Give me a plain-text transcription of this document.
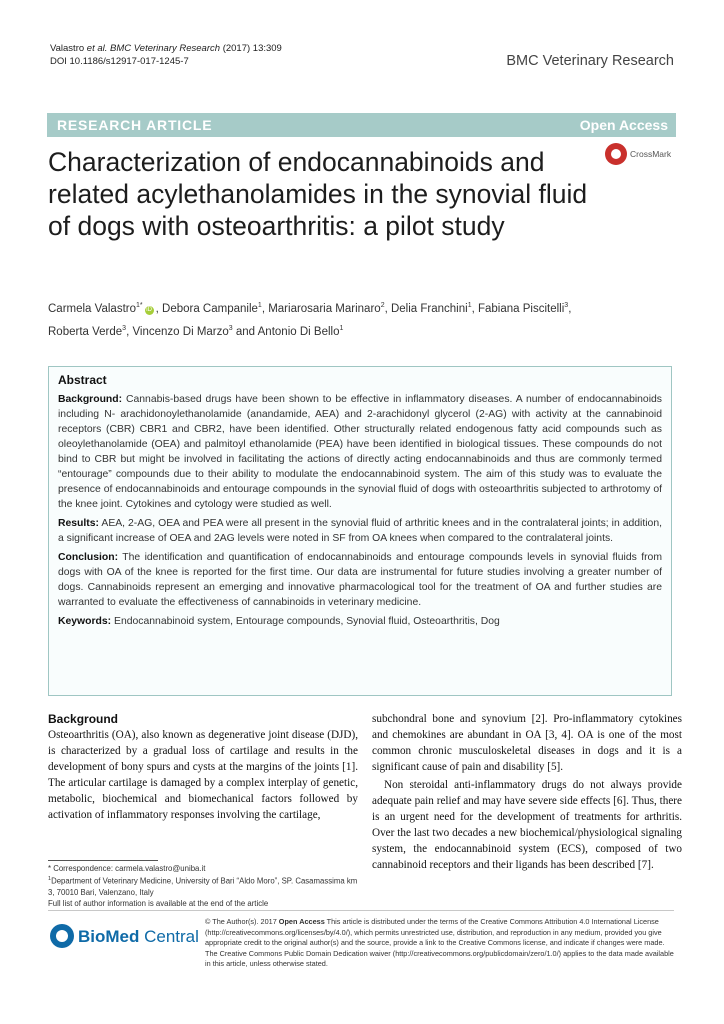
Valastro et al. BMC Veterinary Research (2017) 13:309
DOI 10.1186/s12917-017-1245-7	BMC Veterinary Research
RESEARCH ARTICLE	Open Access
Characterization of endocannabinoids and related acylethanolamides in the synovial fluid of dogs with osteoarthritis: a pilot study
CrossMark
Carmela Valastro$^{1*}$iD , Debora Campanile$^1$, Mariarosaria Marinaro$^2$, Delia Franchini$^1$, Fabiana Piscitelli$^3$,
Roberta Verde$^3$, Vincenzo Di Marzo$^3$ and Antonio Di Bello$^1$
Abstract

Background: Cannabis-based drugs have been shown to be effective in inflammatory diseases. A number of endocannabinoids including N- arachidonoylethanolamide (anandamide, AEA) and 2-arachidonyl glycerol (2-AG) with activity at the cannabinoid receptors (CBR) CBR1 and CBR2, have been identified. Other structurally related endogenous fatty acid compounds such as oleoylethanolamide (OEA) and palmitoyl ethanolamide (PEA) have been identified in biological tissues. These compounds do not bind to CBR but might be involved in facilitating the actions of directly acting endocannabinoids and thus are commonly termed “entourage” compounds due to their ability to modulate the endocannabinoid system. The aim of this study was to evaluate the presence of endocannabinoids and entourage compounds in the synovial fluid of dogs with osteoarthritis subjected to arthrotomy of the knee joint. Cytokines and cytology were studied as well.

Results: AEA, 2-AG, OEA and PEA were all present in the synovial fluid of arthritic knees and in the contralateral joints; in addition, a significant increase of OEA and 2AG levels were noted in SF from OA knees when compared to the contralateral joints.

Conclusion: The identification and quantification of endocannabinoids and entourage compounds levels in synovial fluids from dogs with OA of the knee is reported for the first time. Our data are instrumental for future studies involving a greater number of dogs. Cannabinoids represent an emerging and innovative pharmacological tool for the treatment of OA and further studies are warranted to evaluate the effectiveness of cannabinoids in veterinary medicine.

Keywords: Endocannabinoid system, Entourage compounds, Synovial fluid, Osteoarthritis, Dog

Background

Osteoarthritis (OA), also known as degenerative joint disease (DJD), is characterized by a gradual loss of cartilage and results in the development of bony spurs and cysts at the margins of the joints [1]. The articular cartilage is damaged by a complex interplay of genetic, metabolic, biochemical and biomechanical factors followed by activation of inflammatory responses involving the cartilage,

subchondral bone and synovium [2]. Pro-inflammatory cytokines and chemokines are abundant in OA [3, 4]. OA is one of the most common chronic musculoskeletal diseases in dogs and it is a significant cause of pain and disability [5].

Non steroidal anti-inflammatory drugs do not always provide adequate pain relief and may have severe side effects [6]. Thus, there is an urgent need for the development of treatments for arthritis. Over the last two decades a new biochemical/physiological signaling system, the endocannabinoid system (ECS), composed of two cannabinoid receptors and their ligands has been described [7].

* Correspondence: carmela.valastro@uniba.it
$^1$Department of Veterinary Medicine, University of Bari “Aldo Moro”, SP. Casamassima km 3, 70010 Bari, Valenzano, Italy
Full list of author information is available at the end of the article
BioMed Central
© The Author(s). 2017 Open Access This article is distributed under the terms of the Creative Commons Attribution 4.0 International License (http://creativecommons.org/licenses/by/4.0/), which permits unrestricted use, distribution, and reproduction in any medium, provided you give appropriate credit to the original author(s) and the source, provide a link to the Creative Commons license, and indicate if changes were made. The Creative Commons Public Domain Dedication waiver (http://creativecommons.org/publicdomain/zero/1.0/) applies to the data made available in this article, unless otherwise stated.
